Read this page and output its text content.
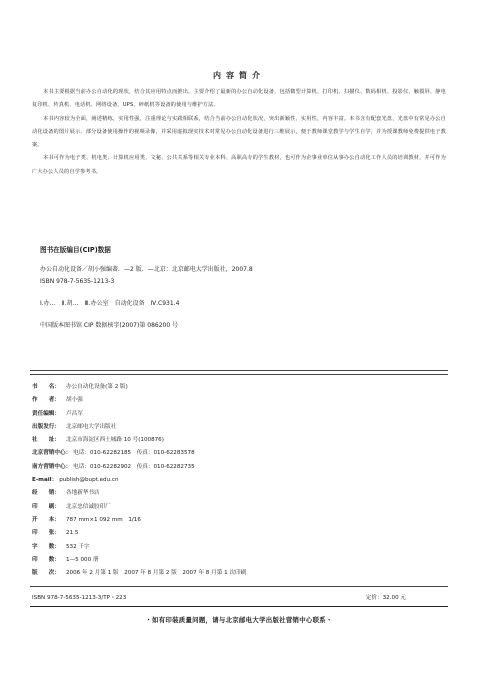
内容简介

本书主要根据当前办公自动化的现状，结合其应用特点而推出。主要介绍了最新的办公自动化设备，包括微型计算机、打印机、扫描仪、数码相机、投影仪、触摸屏、静电复印机、传真机、电话机、网络设备、UPS、碎纸机等设备的使用与维护方法。

本书内容较为全面，阐述精练，实用性强，注重理论与实践相联系，结合当前办公自动化状况，突出新颖性、实用性，内容丰富。本书含有配套光盘，光盘中有常见办公自动化设备的图片展示、部分设备使用操作的视频录像，并采用虚拟现实技术对常见办公自动化设备进行三维展示，便于教师课堂教学与学生自学，并为授课教师免费提供电子教案。

本书可作为电子类、机电类、计算机应用类、文秘、公共关系等相关专业本科、高职高专的学生教材，也可作为企事业单位从事办公自动化工作人员的培训教材，并可作为广大办公人员的自学参考书。

图书在版编目(CIP)数据
办公自动化设备／胡小强编著．—2 版．—北京：北京邮电大学出版社，2007.8
ISBN 978-7-5635-1213-3
Ⅰ.办…　Ⅱ.胡…　Ⅲ.办公室　自动化设备　Ⅳ.C931.4
中国版本图书馆 CIP 数据核字(2007)第 086200 号
书　　名： 办公自动化设备(第 2 版)
作　　者： 胡小强
责任编辑： 卢昌军
出版发行： 北京邮电大学出版社
社　　址： 北京市海淀区西土城路 10 号(100876)
北京营销中心： 电话：010-62282185　传真：010-62283578
南方营销中心： 电话：010-62282902　传真：010-62282735
E-mail： publish@bupt.edu.cn
经　　销： 各地新华书店
印　　刷： 北京忠信诚胶印厂
开　　本： 787 mm×1 092 mm　1/16
印　　张： 21.5
字　　数： 532 千字
印　　数： 1—5 000 册
版　　次： 2006 年 2 月第 1 版　2007 年 8 月第 2 版　2007 年 8 月第 1 次印刷
ISBN 978-7-5635-1213-3/TP・223	定价：32.00 元
・如有印装质量问题，请与北京邮电大学出版社营销中心联系・
